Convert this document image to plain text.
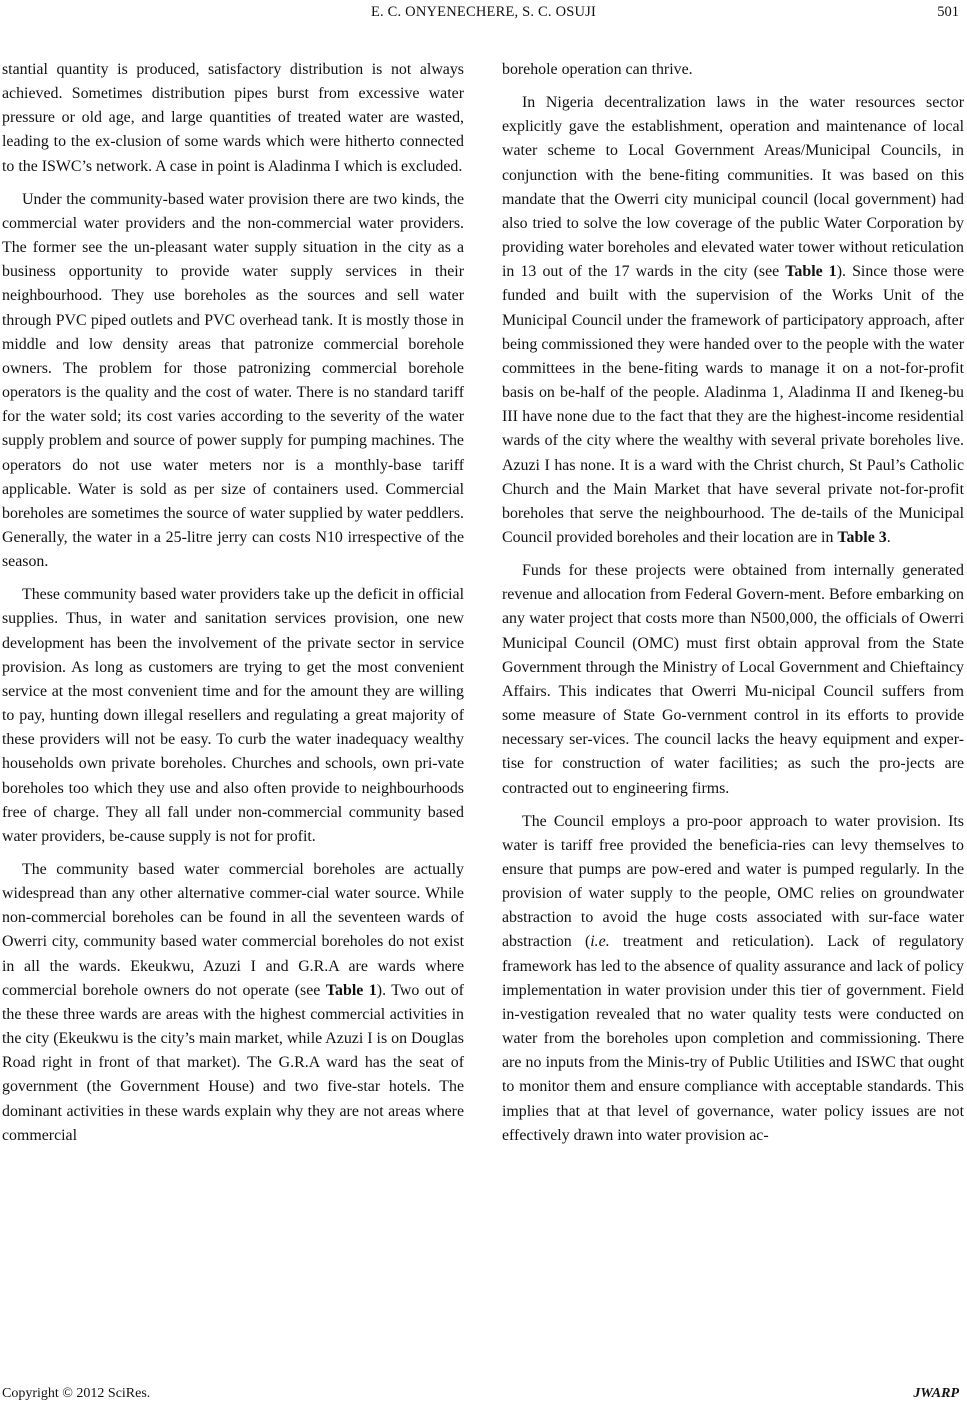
E. C. ONYENECHERE, S. C. OSUJI	501

stantial quantity is produced, satisfactory distribution is not always achieved. Sometimes distribution pipes burst from excessive water pressure or old age, and large quantities of treated water are wasted, leading to the ex-clusion of some wards which were hitherto connected to the ISWC’s network. A case in point is Aladinma I which is excluded.

Under the community-based water provision there are two kinds, the commercial water providers and the non-commercial water providers. The former see the un-pleasant water supply situation in the city as a business opportunity to provide water supply services in their neighbourhood. They use boreholes as the sources and sell water through PVC piped outlets and PVC overhead tank. It is mostly those in middle and low density areas that patronize commercial borehole owners. The problem for those patronizing commercial borehole operators is the quality and the cost of water. There is no standard tariff for the water sold; its cost varies according to the severity of the water supply problem and source of power supply for pumping machines. The operators do not use water meters nor is a monthly-base tariff applicable. Water is sold as per size of containers used. Commercial boreholes are sometimes the source of water supplied by water peddlers. Generally, the water in a 25-litre jerry can costs N10 irrespective of the season.

These community based water providers take up the deficit in official supplies. Thus, in water and sanitation services provision, one new development has been the involvement of the private sector in service provision. As long as customers are trying to get the most convenient service at the most convenient time and for the amount they are willing to pay, hunting down illegal resellers and regulating a great majority of these providers will not be easy. To curb the water inadequacy wealthy households own private boreholes. Churches and schools, own pri-vate boreholes too which they use and also often provide to neighbourhoods free of charge. They all fall under non-commercial community based water providers, be-cause supply is not for profit.

The community based water commercial boreholes are actually widespread than any other alternative commer-cial water source. While non-commercial boreholes can be found in all the seventeen wards of Owerri city, community based water commercial boreholes do not exist in all the wards. Ekeukwu, Azuzi I and G.R.A are wards where commercial borehole owners do not operate (see Table 1). Two out of the these three wards are areas with the highest commercial activities in the city (Ekeukwu is the city’s main market, while Azuzi I is on Douglas Road right in front of that market). The G.R.A ward has the seat of government (the Government House) and two five-star hotels. The dominant activities in these wards explain why they are not areas where commercial

borehole operation can thrive.

In Nigeria decentralization laws in the water resources sector explicitly gave the establishment, operation and maintenance of local water scheme to Local Government Areas/Municipal Councils, in conjunction with the bene-fiting communities. It was based on this mandate that the Owerri city municipal council (local government) had also tried to solve the low coverage of the public Water Corporation by providing water boreholes and elevated water tower without reticulation in 13 out of the 17 wards in the city (see Table 1). Since those were funded and built with the supervision of the Works Unit of the Municipal Council under the framework of participatory approach, after being commissioned they were handed over to the people with the water committees in the bene-fiting wards to manage it on a not-for-profit basis on be-half of the people. Aladinma 1, Aladinma II and Ikeneg-bu III have none due to the fact that they are the highest-income residential wards of the city where the wealthy with several private boreholes live. Azuzi I has none. It is a ward with the Christ church, St Paul’s Catholic Church and the Main Market that have several private not-for-profit boreholes that serve the neighbourhood. The de-tails of the Municipal Council provided boreholes and their location are in Table 3.

Funds for these projects were obtained from internally generated revenue and allocation from Federal Govern-ment. Before embarking on any water project that costs more than N500,000, the officials of Owerri Municipal Council (OMC) must first obtain approval from the State Government through the Ministry of Local Government and Chieftaincy Affairs. This indicates that Owerri Mu-nicipal Council suffers from some measure of State Go-vernment control in its efforts to provide necessary ser-vices. The council lacks the heavy equipment and exper-tise for construction of water facilities; as such the pro-jects are contracted out to engineering firms.

The Council employs a pro-poor approach to water provision. Its water is tariff free provided the beneficia-ries can levy themselves to ensure that pumps are pow-ered and water is pumped regularly. In the provision of water supply to the people, OMC relies on groundwater abstraction to avoid the huge costs associated with sur-face water abstraction (i.e. treatment and reticulation). Lack of regulatory framework has led to the absence of quality assurance and lack of policy implementation in water provision under this tier of government. Field in-vestigation revealed that no water quality tests were conducted on water from the boreholes upon completion and commissioning. There are no inputs from the Minis-try of Public Utilities and ISWC that ought to monitor them and ensure compliance with acceptable standards. This implies that at that level of governance, water policy issues are not effectively drawn into water provision ac-

Copyright © 2012 SciRes.	JWARP
